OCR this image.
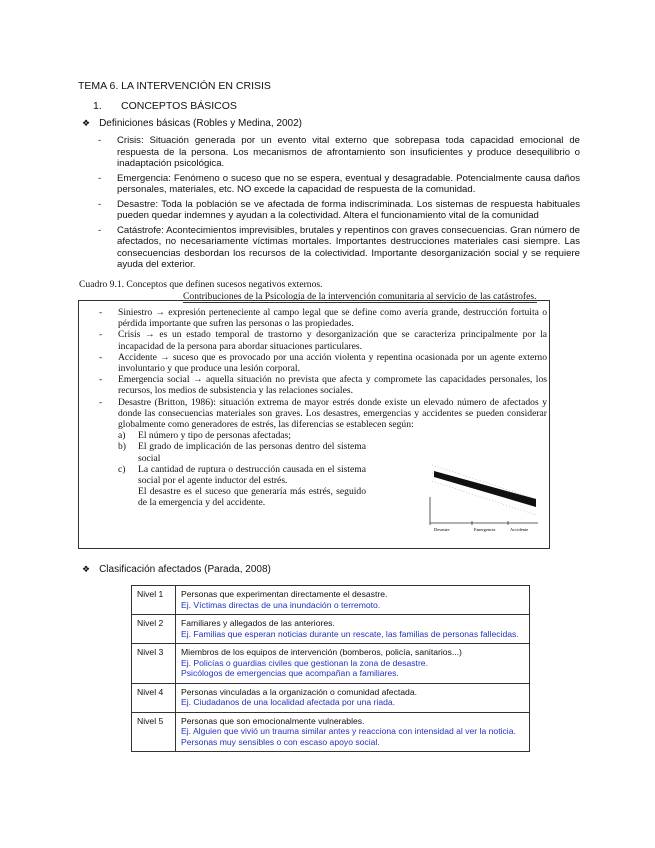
TEMA 6. LA INTERVENCIÓN EN CRISIS
1. CONCEPTOS BÁSICOS
❖ Definiciones básicas (Robles y Medina, 2002)
- Crisis: Situación generada por un evento vital externo que sobrepasa toda capacidad emocional de respuesta de la persona. Los mecanismos de afrontamiento son insuficientes y produce desequilibrio o inadaptación psicológica.
- Emergencia: Fenómeno o suceso que no se espera, eventual y desagradable. Potencialmente causa daños personales, materiales, etc. NO excede la capacidad de respuesta de la comunidad.
- Desastre: Toda la población se ve afectada de forma indiscriminada. Los sistemas de respuesta habituales pueden quedar indemnes y ayudan a la colectividad. Altera el funcionamiento vital de la comunidad
- Catástrofe: Acontecimientos imprevisibles, brutales y repentinos con graves consecuencias. Gran número de afectados, no necesariamente víctimas mortales. Importantes destrucciones materiales casi siempre. Las consecuencias desbordan los recursos de la colectividad. Importante desorganización social y se requiere ayuda del exterior.
Cuadro 9.1. Conceptos que definen sucesos negativos externos.
Contribuciones de la Psicología de la intervención comunitaria al servicio de las catástrofes.
- Siniestro → expresión perteneciente al campo legal que se define como avería grande, destrucción fortuita o pérdida importante que sufren las personas o las propiedades.
- Crisis → es un estado temporal de trastorno y desorganización que se caracteriza principalmente por la incapacidad de la persona para abordar situaciones particulares.
- Accidente → suceso que es provocado por una acción violenta y repentina ocasionada por un agente externo involuntario y que produce una lesión corporal.
- Emergencia social → aquella situación no prevista que afecta y compromete las capacidades personales, los recursos, los medios de subsistencia y las relaciones sociales.
- Desastre (Britton, 1986): situación extrema de mayor estrés donde existe un elevado número de afectados y donde las consecuencias materiales son graves. Los desastres, emergencias y accidentes se pueden considerar globalmente como generadores de estrés, las diferencias se establecen según:
a) El número y tipo de personas afectadas;
b) El grado de implicación de las personas dentro del sistema social
c) La cantidad de ruptura o destrucción causada en el sistema social por el agente inductor del estrés.
El desastre es el suceso que generaría más estrés, seguido de la emergencia y del accidente.
Desastre	Emergencia	Accidente
❖ Clasificación afectados (Parada, 2008)
Nivel 1	Personas que experimentan directamente el desastre.
Ej. Víctimas directas de una inundación o terremoto.

Nivel 2	Familiares y allegados de las anteriores.
Ej. Familias que esperan noticias durante un rescate, las familias de personas fallecidas.

Nivel 3	Miembros de los equipos de intervención (bomberos, policía, sanitarios...)
Ej. Policías o guardias civiles que gestionan la zona de desastre.
Psicólogos de emergencias que acompañan a familiares.

Nivel 4	Personas vinculadas a la organización o comunidad afectada.
Ej. Ciudadanos de una localidad afectada por una riada.

Nivel 5	Personas que son emocionalmente vulnerables.
Ej. Alguien que vivió un trauma similar antes y reacciona con intensidad al ver la noticia.
Personas muy sensibles o con escaso apoyo social.
